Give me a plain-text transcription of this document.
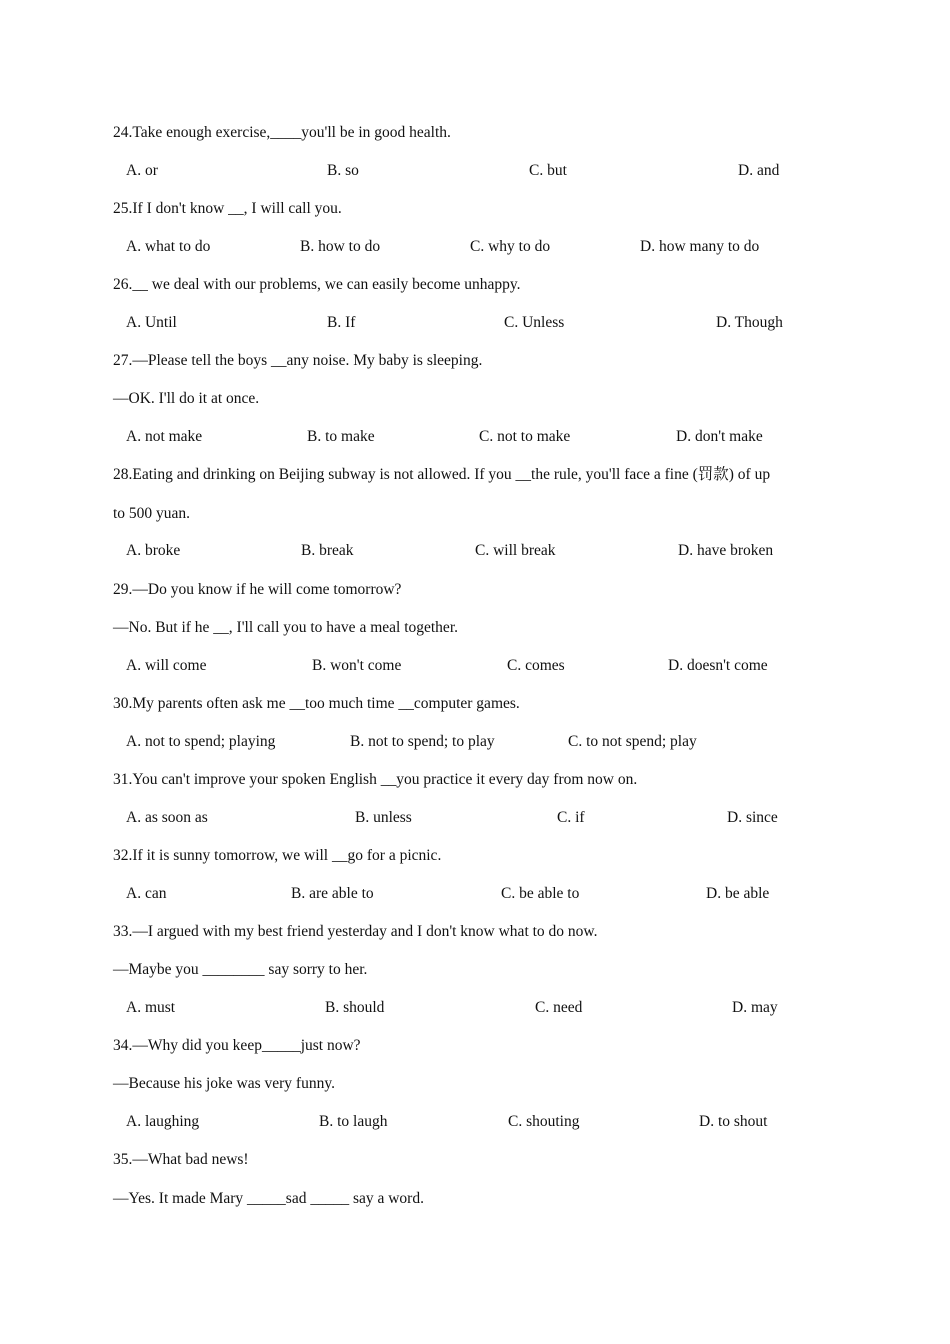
24.Take enough exercise,____you'll be in good health.
A. or	B. so	C. but	D. and
25.If I don't know __, I will call you.
A. what to do	B. how to do	C. why to do	D. how many to do
26.__ we deal with our problems, we can easily become unhappy.
A. Until	B. If	C. Unless	D. Though
27.—Please tell the boys __any noise. My baby is sleeping.
—OK. I'll do it at once.
A. not make	B. to make	C. not to make	D. don't make
28.Eating and drinking on Beijing subway is not allowed. If you __the rule, you'll face a fine (罚款) of up
to 500 yuan.
A. broke	B. break	C. will break	D. have broken
29.—Do you know if he will come tomorrow?
—No. But if he __, I'll call you to have a meal together.
A. will come	B. won't come	C. comes	D. doesn't come
30.My parents often ask me __too much time __computer games.
A. not to spend; playing	B. not to spend; to play	C. to not spend; play
31.You can't improve your spoken English __you practice it every day from now on.
A. as soon as	B. unless	C. if	D. since
32.If it is sunny tomorrow, we will __go for a picnic.
A. can	B. are able to	C. be able to	D. be able
33.—I argued with my best friend yesterday and I don't know what to do now.
—Maybe you ________ say sorry to her.
A. must	B. should	C. need	D. may
34.—Why did you keep_____just now?
—Because his joke was very funny.
A. laughing	B. to laugh	C. shouting	D. to shout
35.—What bad news!
—Yes. It made Mary _____sad _____ say a word.
